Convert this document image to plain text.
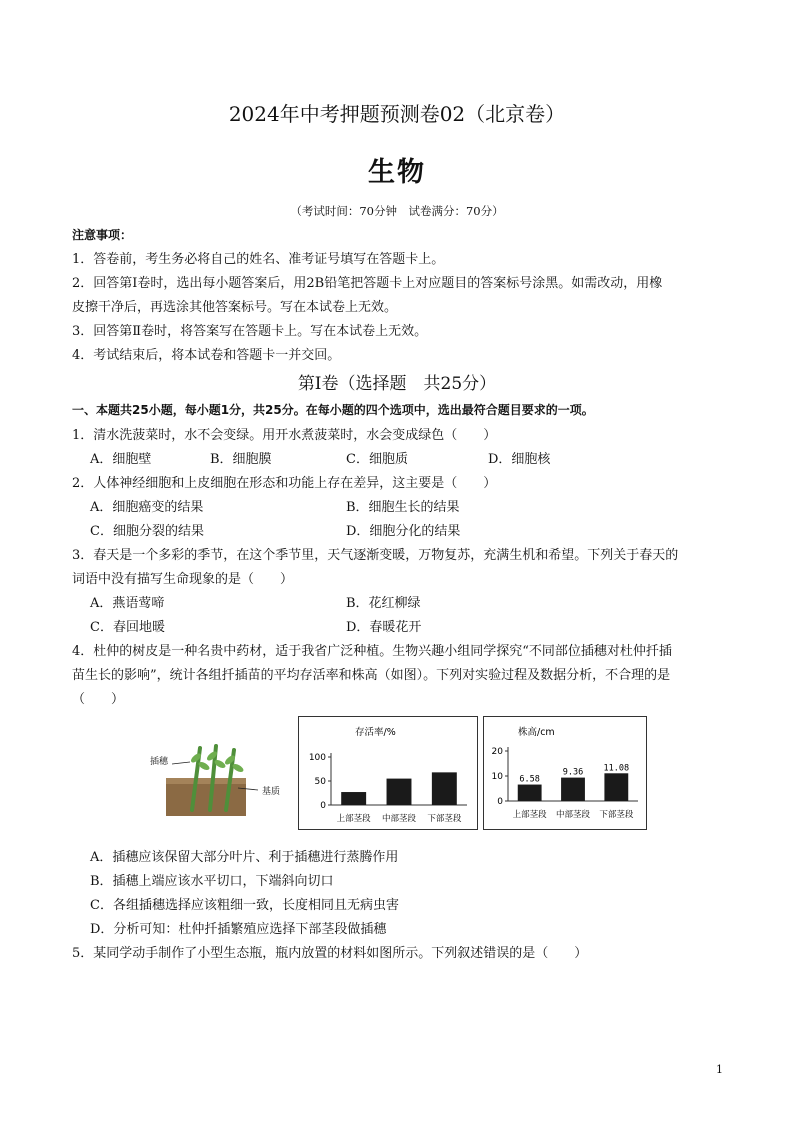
2024年中考押题预测卷02（北京卷）
生物
（考试时间：70分钟　试卷满分：70分）
注意事项：
1．答卷前，考生务必将自己的姓名、准考证号填写在答题卡上。
2．回答第Ⅰ卷时，选出每小题答案后，用2B铅笔把答题卡上对应题目的答案标号涂黑。如需改动，用橡
皮擦干净后，再选涂其他答案标号。写在本试卷上无效。
3．回答第Ⅱ卷时，将答案写在答题卡上。写在本试卷上无效。
4．考试结束后，将本试卷和答题卡一并交回。
第Ⅰ卷（选择题　共25分）
一、本题共25小题，每小题1分，共25分。在每小题的四个选项中，选出最符合题目要求的一项。
1．清水洗菠菜时，水不会变绿。用开水煮菠菜时，水会变成绿色（　　）
A．细胞壁	B．细胞膜	C．细胞质	D．细胞核
2．人体神经细胞和上皮细胞在形态和功能上存在差异，这主要是（　　）
A．细胞癌变的结果	B．细胞生长的结果
C．细胞分裂的结果	D．细胞分化的结果
3．春天是一个多彩的季节，在这个季节里，天气逐渐变暖，万物复苏，充满生机和希望。下列关于春天的
词语中没有描写生命现象的是（　　）
A．燕语莺啼	B．花红柳绿
C．春回地暖	D．春暖花开
4．杜仲的树皮是一种名贵中药材，适于我省广泛种植。生物兴趣小组同学探究“不同部位插穗对杜仲扦插
苗生长的影响”，统计各组扦插苗的平均存活率和株高（如图）。下列对实验过程及数据分析，不合理的是
（　　）
插穗
基质
存活率/%
100
50
0
上部茎段 中部茎段 下部茎段
株高/cm
20
10
0
上部茎段
6.58
中部茎段
9.36
下部茎段
11.08
A．插穗应该保留大部分叶片、利于插穗进行蒸腾作用
B．插穗上端应该水平切口，下端斜向切口
C．各组插穗选择应该粗细一致，长度相同且无病虫害
D．分析可知：杜仲扦插繁殖应选择下部茎段做插穗
5．某同学动手制作了小型生态瓶，瓶内放置的材料如图所示。下列叙述错误的是（　　）
1
